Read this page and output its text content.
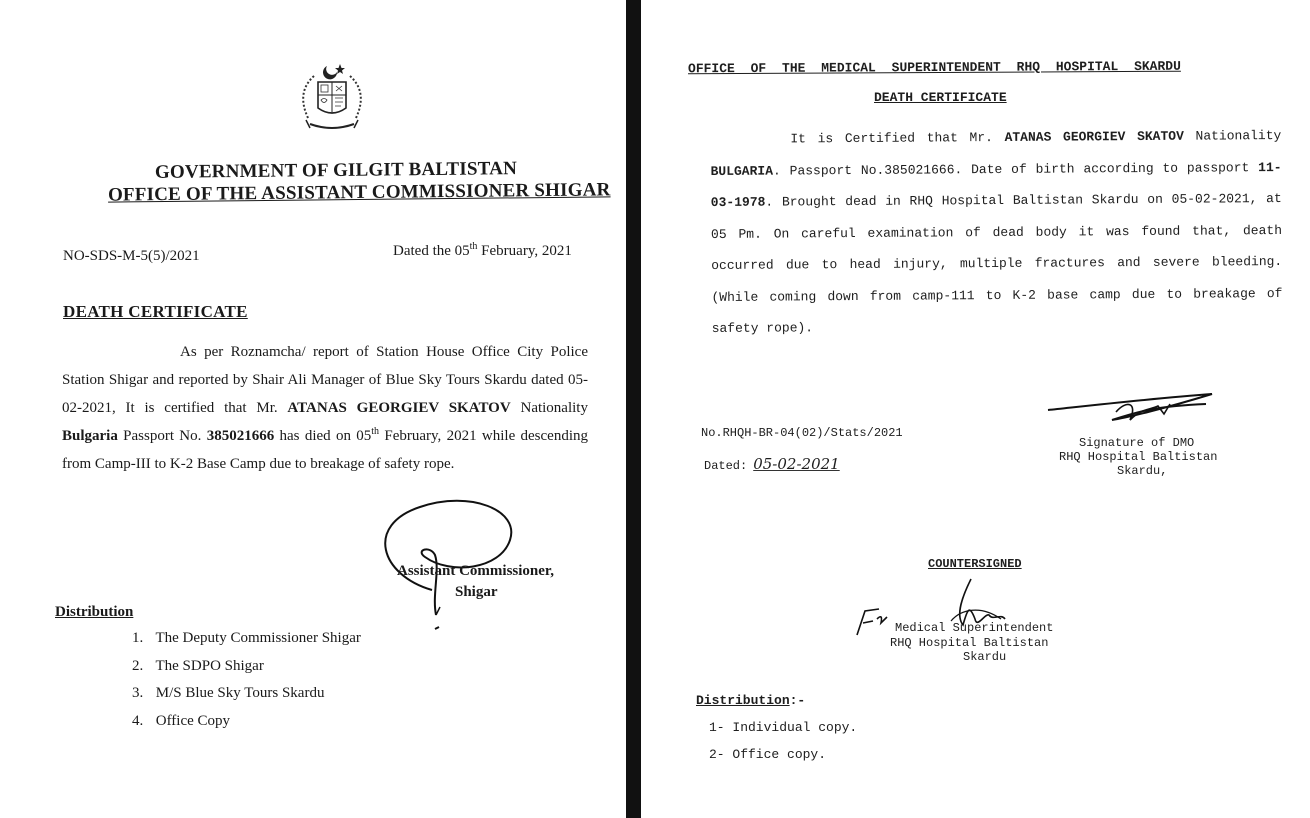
GOVERNMENT OF GILGIT BALTISTAN
OFFICE OF THE ASSISTANT COMMISSIONER SHIGAR
NO-SDS-M-5(5)/2021	Dated the 05th February, 2021
DEATH CERTIFICATE
As per Roznamcha/ report of Station House Office City Police Station Shigar and reported by Shair Ali Manager of Blue Sky Tours Skardu dated 05-02-2021, It is certified that Mr. ATANAS GEORGIEV SKATOV Nationality Bulgaria Passport No. 385021666 has died on 05th February, 2021 while descending from Camp-III to K-2 Base Camp due to breakage of safety rope.
Assistant Commissioner,
Shigar
Distribution
1. The Deputy Commissioner Shigar
2. The SDPO Shigar
3. M/S Blue Sky Tours Skardu
4. Office Copy
OFFICE OF THE MEDICAL SUPERINTENDENT RHQ HOSPITAL SKARDU
DEATH CERTIFICATE
It is Certified that Mr. ATANAS GEORGIEV SKATOV Nationality BULGARIA. Passport No.385021666. Date of birth according to passport 11-03-1978. Brought dead in RHQ Hospital Baltistan Skardu on 05-02-2021, at 05 Pm. On careful examination of dead body it was found that, death occurred due to head injury, multiple fractures and severe bleeding. (While coming down from camp-111 to K-2 base camp due to breakage of safety rope).
No.RHQH-BR-04(02)/Stats/2021
Dated: 05-02-2021
Signature of DMO
RHQ Hospital Baltistan
Skardu,
COUNTERSIGNED
Medical Superintendent
RHQ Hospital Baltistan
Skardu
Distribution:-
1- Individual copy.
2- Office copy.
